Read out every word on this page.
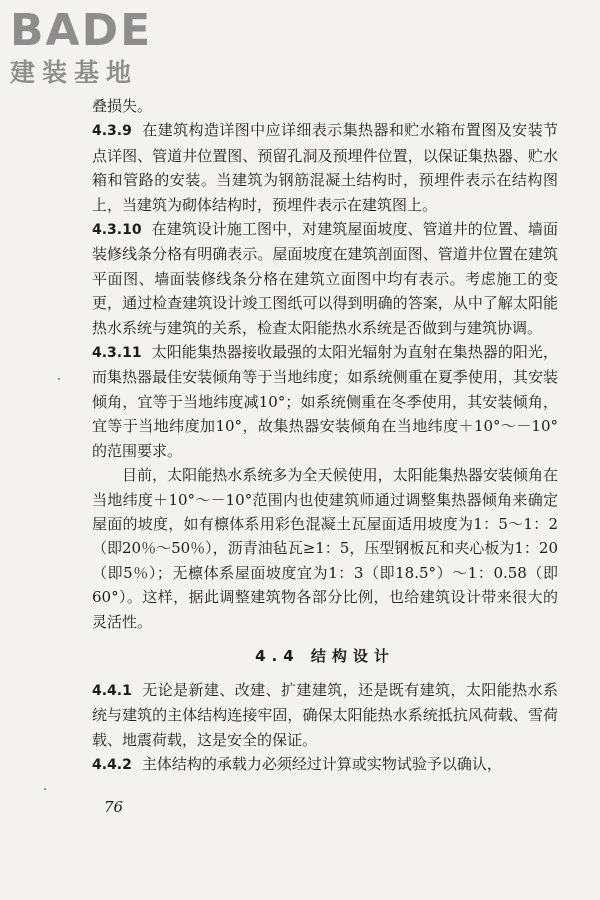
BADE
建装基地

叠损失。

4.3.9 在建筑构造详图中应详细表示集热器和贮水箱布置图及安装节点详图、管道井位置图、预留孔洞及预埋件位置，以保证集热器、贮水箱和管路的安装。当建筑为钢筋混凝土结构时，预埋件表示在结构图上，当建筑为砌体结构时，预埋件表示在建筑图上。

4.3.10 在建筑设计施工图中，对建筑屋面坡度、管道井的位置、墙面装修线条分格有明确表示。屋面坡度在建筑剖面图、管道井位置在建筑平面图、墙面装修线条分格在建筑立面图中均有表示。考虑施工的变更，通过检查建筑设计竣工图纸可以得到明确的答案，从中了解太阳能热水系统与建筑的关系，检查太阳能热水系统是否做到与建筑协调。

4.3.11 太阳能集热器接收最强的太阳光辐射为直射在集热器的阳光，而集热器最佳安装倾角等于当地纬度；如系统侧重在夏季使用，其安装倾角，宜等于当地纬度减10°；如系统侧重在冬季使用，其安装倾角，宜等于当地纬度加10°，故集热器安装倾角在当地纬度＋10°～－10°的范围要求。

目前，太阳能热水系统多为全天候使用，太阳能集热器安装倾角在当地纬度＋10°～－10°范围内也使建筑师通过调整集热器倾角来确定屋面的坡度，如有檩体系用彩色混凝土瓦屋面适用坡度为1：5～1：2（即20％～50％），沥青油毡瓦≥1：5，压型钢板瓦和夹心板为1：20（即5％）；无檩体系屋面坡度宜为1：3（即18.5°）～1：0.58（即60°）。这样，据此调整建筑物各部分比例，也给建筑设计带来很大的灵活性。

4.4 结构设计

4.4.1 无论是新建、改建、扩建建筑，还是既有建筑，太阳能热水系统与建筑的主体结构连接牢固，确保太阳能热水系统抵抗风荷载、雪荷载、地震荷载，这是安全的保证。

4.4.2 主体结构的承载力必须经过计算或实物试验予以确认，

76
